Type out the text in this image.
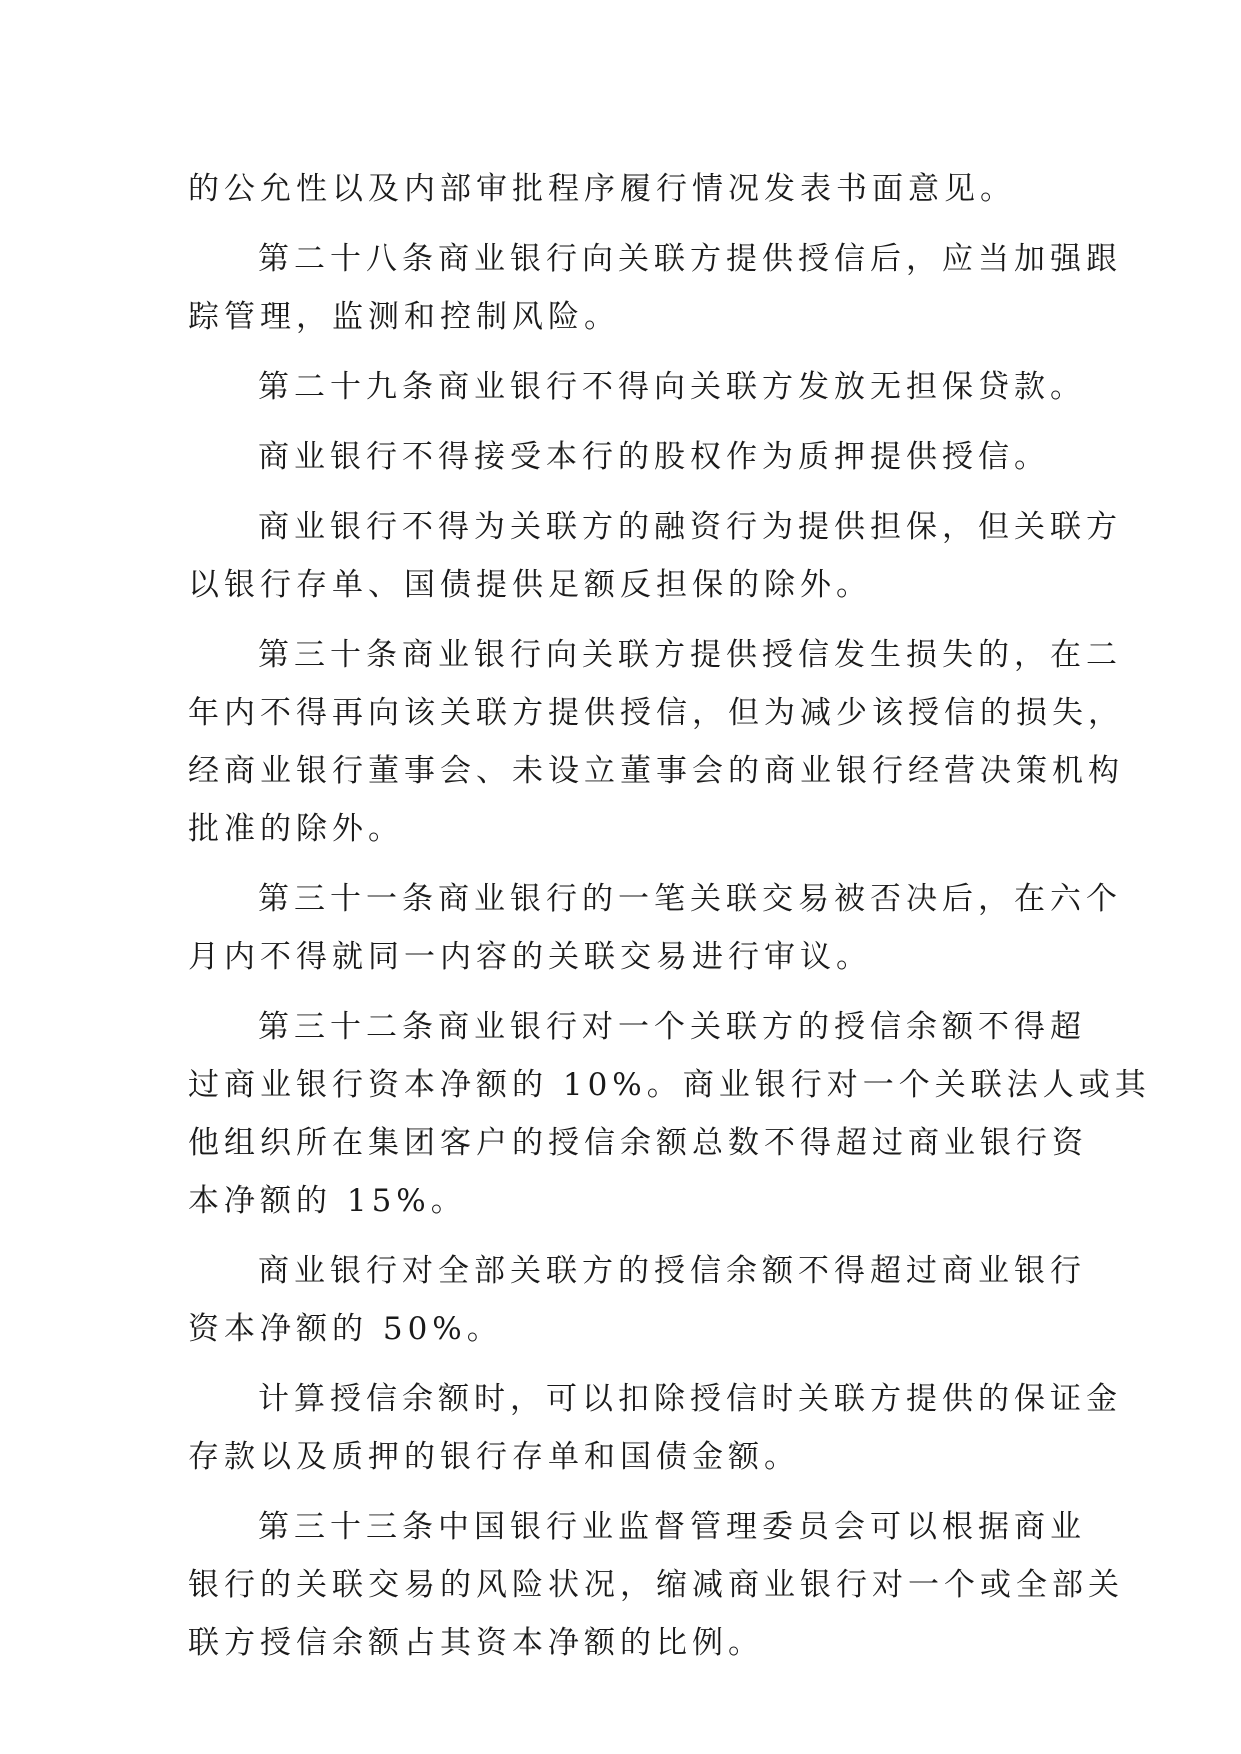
的公允性以及内部审批程序履行情况发表书面意见。
第二十八条商业银行向关联方提供授信后，应当加强跟
踪管理，监测和控制风险。
第二十九条商业银行不得向关联方发放无担保贷款。
商业银行不得接受本行的股权作为质押提供授信。
商业银行不得为关联方的融资行为提供担保，但关联方
以银行存单、国债提供足额反担保的除外。
第三十条商业银行向关联方提供授信发生损失的，在二
年内不得再向该关联方提供授信，但为减少该授信的损失，
经商业银行董事会、未设立董事会的商业银行经营决策机构
批准的除外。
第三十一条商业银行的一笔关联交易被否决后，在六个
月内不得就同一内容的关联交易进行审议。
第三十二条商业银行对一个关联方的授信余额不得超
过商业银行资本净额的 10%。商业银行对一个关联法人或其
他组织所在集团客户的授信余额总数不得超过商业银行资
本净额的 15%。
商业银行对全部关联方的授信余额不得超过商业银行
资本净额的 50%。
计算授信余额时，可以扣除授信时关联方提供的保证金
存款以及质押的银行存单和国债金额。
第三十三条中国银行业监督管理委员会可以根据商业
银行的关联交易的风险状况，缩减商业银行对一个或全部关
联方授信余额占其资本净额的比例。
